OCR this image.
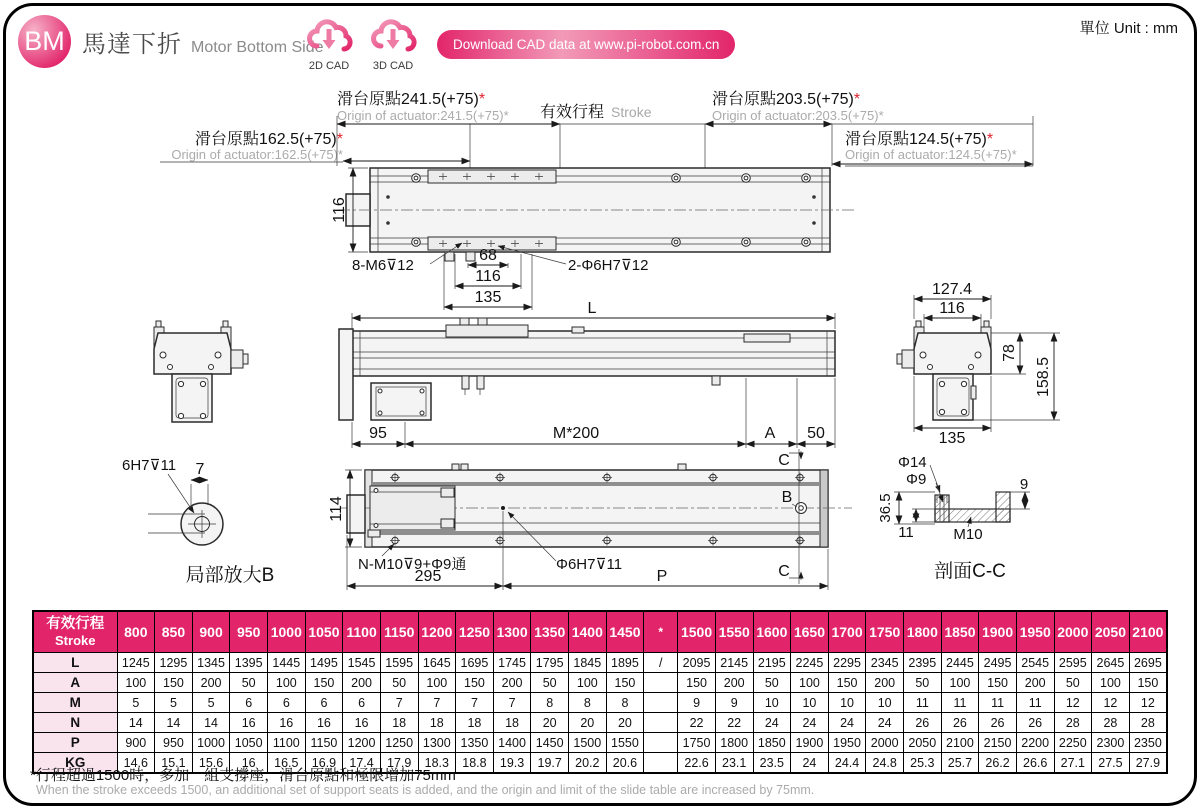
BM 馬達下折 Motor Bottom Side
2D CAD	3D CAD
Download CAD data at www.pi-robot.com.cn
單位 Unit : mm
滑台原點162.5(+75)*
Origin of actuator:162.5(+75)*
滑台原點241.5(+75)*
Origin of actuator:241.5(+75)*
滑台原點203.5(+75)*
Origin of actuator:203.5(+75)*
滑台原點124.5(+75)*
Origin of actuator:124.5(+75)*
有效行程 Stroke
116
68
116
135
8-M6⊽12	2-Φ6H7⊽12
L
95	M*200	A 50
114
N-M10⊽9+Φ9通
295	P
Φ6H7⊽11
C
C
B
127.4
116
78
158.5
135
Φ14
Φ9
36.5
11	M10
9
剖面C-C
7
6H7⊽11
局部放大B
有效行程
Stroke	800	850	900	950	1000	1050	1100	1150	1200	1250	1300	1350	1400	1450	*	1500	1550	1600	1650	1700	1750	1800	1850	1900	1950	2000	2050	2100
L	1245	1295	1345	1395	1445	1495	1545	1595	1645	1695	1745	1795	1845	1895	/	2095	2145	2195	2245	2295	2345	2395	2445	2495	2545	2595	2645	2695
A	100	150	200	50	100	150	200	50	100	150	200	50	100	150		150	200	50	100	150	200	50	100	150	200	50	100	150
M	5	5	5	6	6	6	6	7	7	7	7	8	8	8		9	9	10	10	10	10	11	11	11	11	12	12	12
N	14	14	14	16	16	16	16	18	18	18	18	20	20	20		22	22	24	24	24	24	26	26	26	26	28	28	28
P	900	950	1000	1050	1100	1150	1200	1250	1300	1350	1400	1450	1500	1550		1750	1800	1850	1900	1950	2000	2050	2100	2150	2200	2250	2300	2350
KG	14.6	15.1	15.6	16	16.5	16.9	17.4	17.9	18.3	18.8	19.3	19.7	20.2	20.6		22.6	23.1	23.5	24	24.4	24.8	25.3	25.7	26.2	26.6	27.1	27.5	27.9
*行程超過1500時，多加一組支撐座，滑台原點和極限增加75mm
When the stroke exceeds 1500, an additional set of support seats is added, and the origin and limit of the slide table are increased by 75mm.
